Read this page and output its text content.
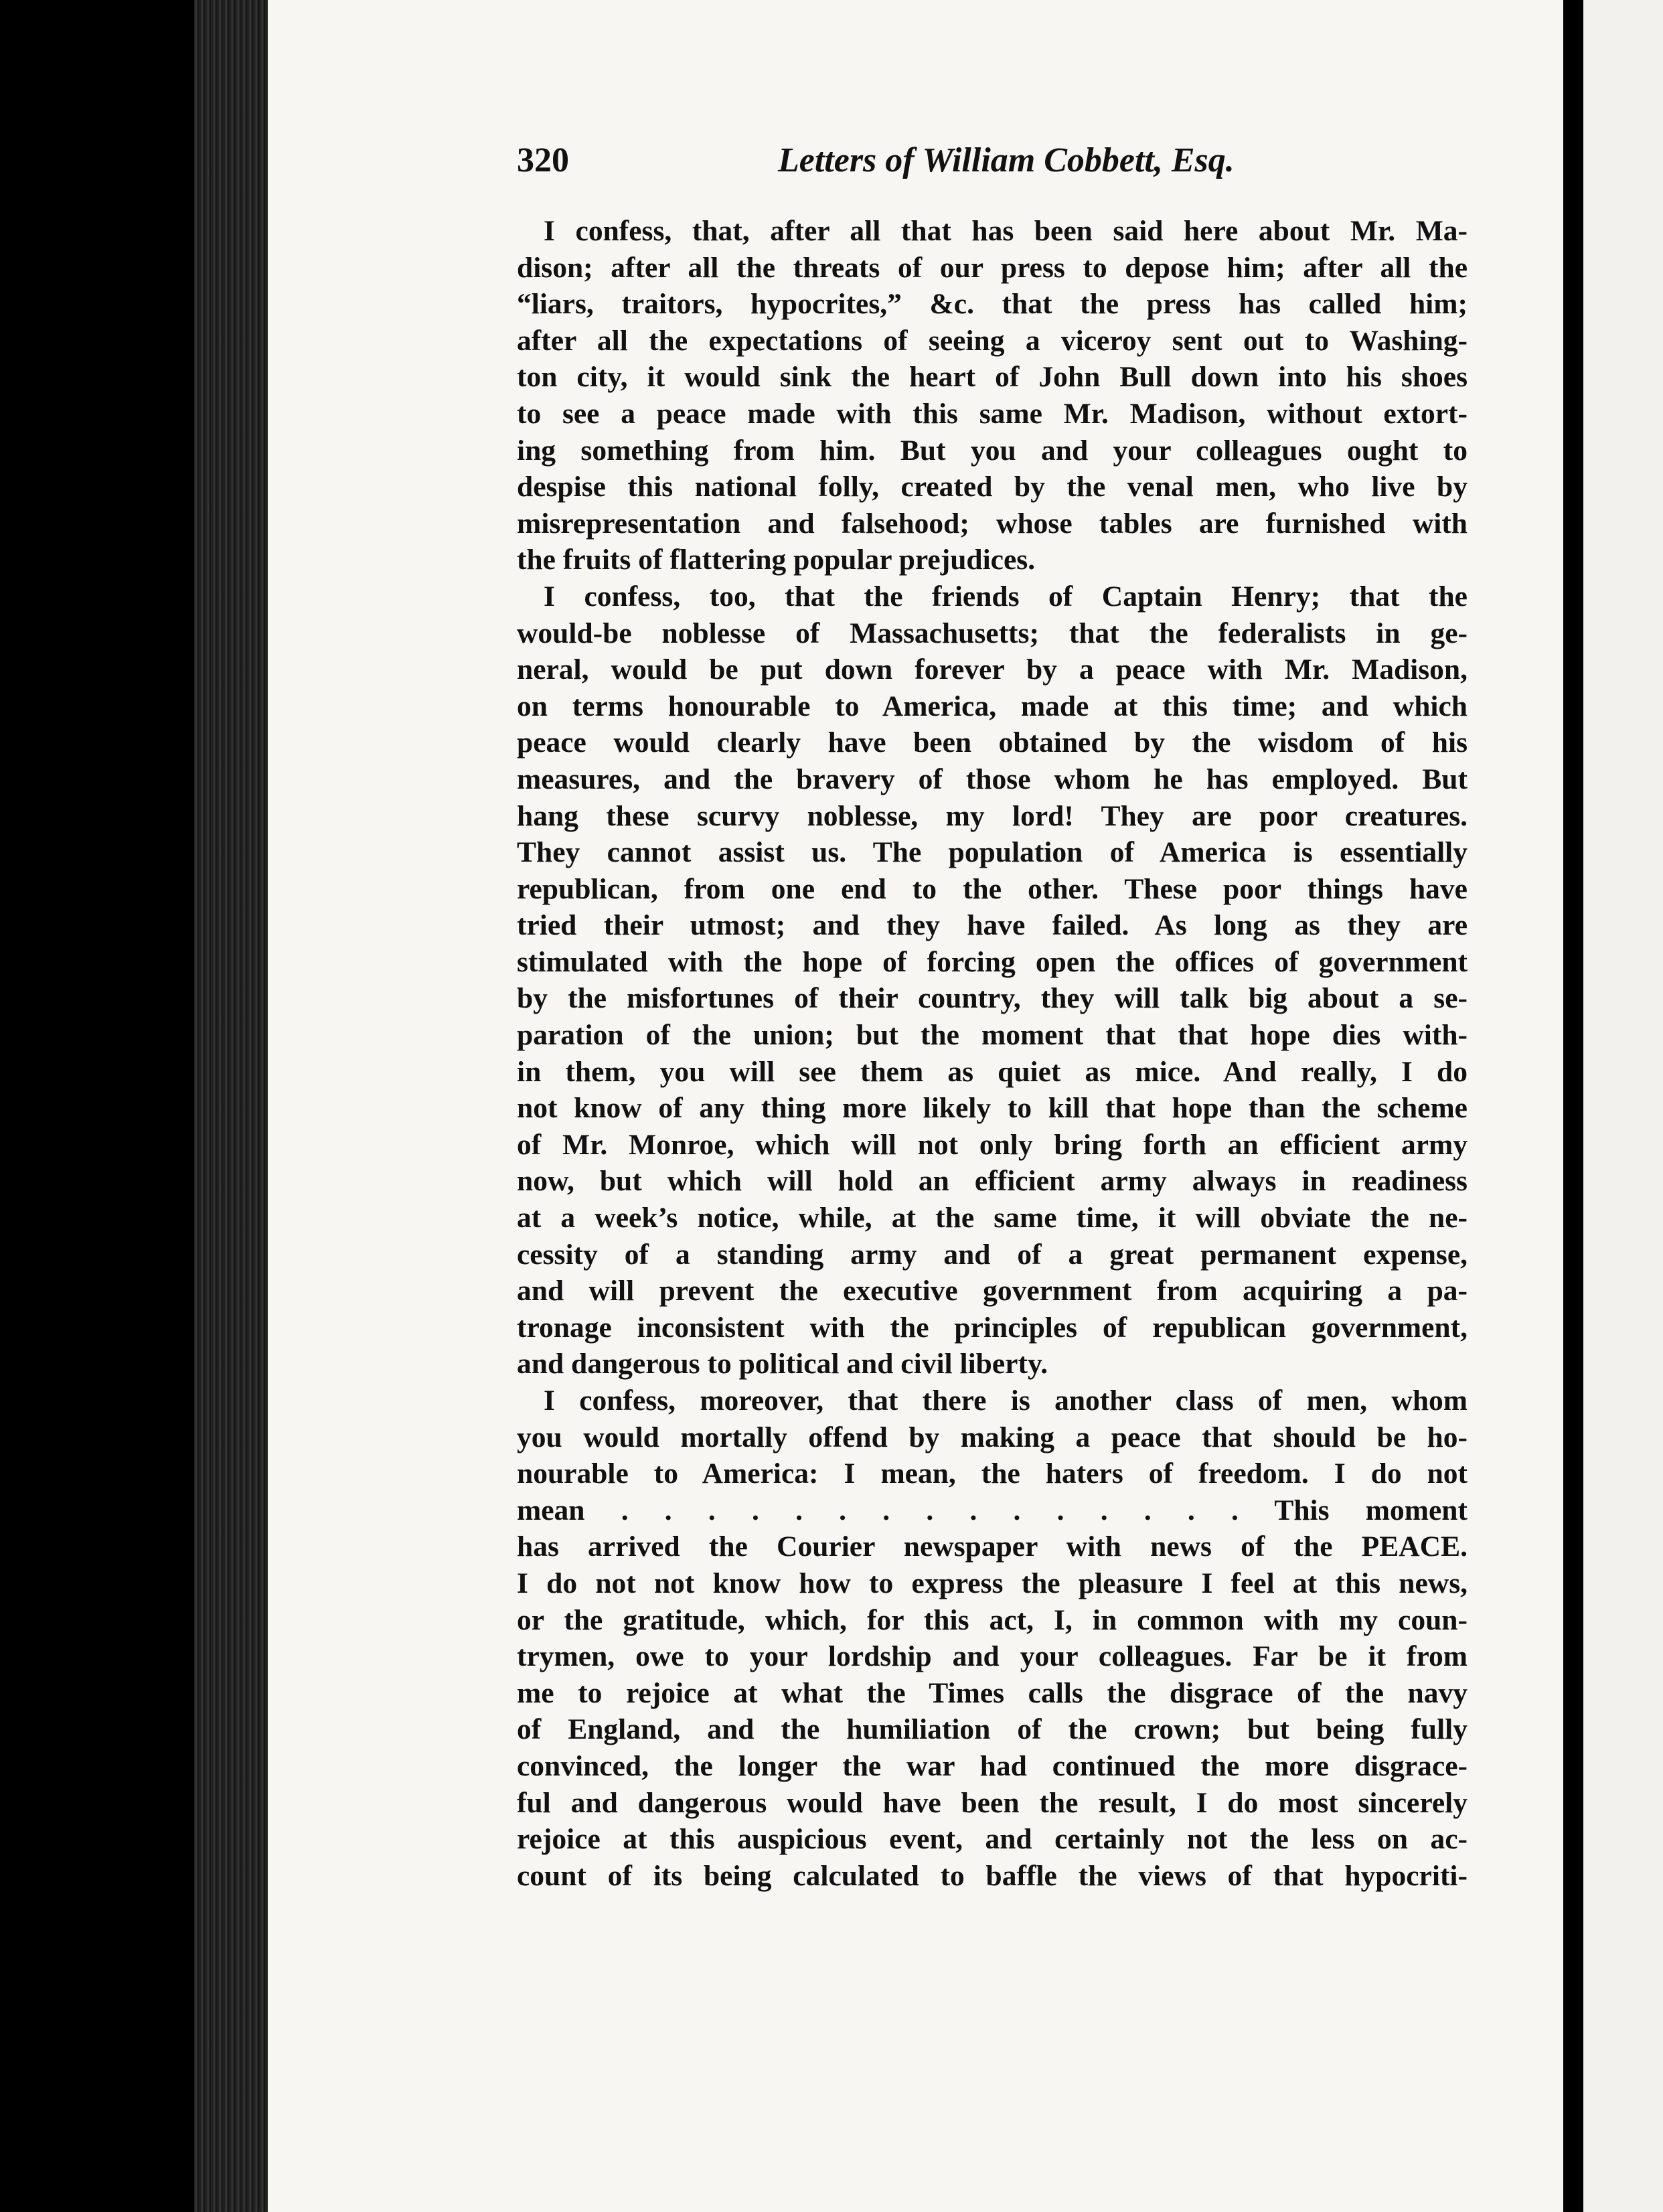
320	Letters of William Cobbett, Esq.
I confess, that, after all that has been said here about Mr. Ma-
dison; after all the threats of our press to depose him; after all the
“liars, traitors, hypocrites,” &c. that the press has called him;
after all the expectations of seeing a viceroy sent out to Washing-
ton city, it would sink the heart of John Bull down into his shoes
to see a peace made with this same Mr. Madison, without extort-
ing something from him. But you and your colleagues ought to
despise this national folly, created by the venal men, who live by
misrepresentation and falsehood; whose tables are furnished with
the fruits of flattering popular prejudices.
I confess, too, that the friends of Captain Henry; that the
would-be noblesse of Massachusetts; that the federalists in ge-
neral, would be put down forever by a peace with Mr. Madison,
on terms honourable to America, made at this time; and which
peace would clearly have been obtained by the wisdom of his
measures, and the bravery of those whom he has employed. But
hang these scurvy noblesse, my lord! They are poor creatures.
They cannot assist us. The population of America is essentially
republican, from one end to the other. These poor things have
tried their utmost; and they have failed. As long as they are
stimulated with the hope of forcing open the offices of government
by the misfortunes of their country, they will talk big about a se-
paration of the union; but the moment that that hope dies with-
in them, you will see them as quiet as mice. And really, I do
not know of any thing more likely to kill that hope than the scheme
of Mr. Monroe, which will not only bring forth an efficient army
now, but which will hold an efficient army always in readiness
at a week’s notice, while, at the same time, it will obviate the ne-
cessity of a standing army and of a great permanent expense,
and will prevent the executive government from acquiring a pa-
tronage inconsistent with the principles of republican government,
and dangerous to political and civil liberty.
I confess, moreover, that there is another class of men, whom
you would mortally offend by making a peace that should be ho-
nourable to America: I mean, the haters of freedom. I do not
mean . . . . . . . . . . . . . . . This moment
has arrived the Courier newspaper with news of the PEACE.
I do not not know how to express the pleasure I feel at this news,
or the gratitude, which, for this act, I, in common with my coun-
trymen, owe to your lordship and your colleagues. Far be it from
me to rejoice at what the Times calls the disgrace of the navy
of England, and the humiliation of the crown; but being fully
convinced, the longer the war had continued the more disgrace-
ful and dangerous would have been the result, I do most sincerely
rejoice at this auspicious event, and certainly not the less on ac-
count of its being calculated to baffle the views of that hypocriti-
